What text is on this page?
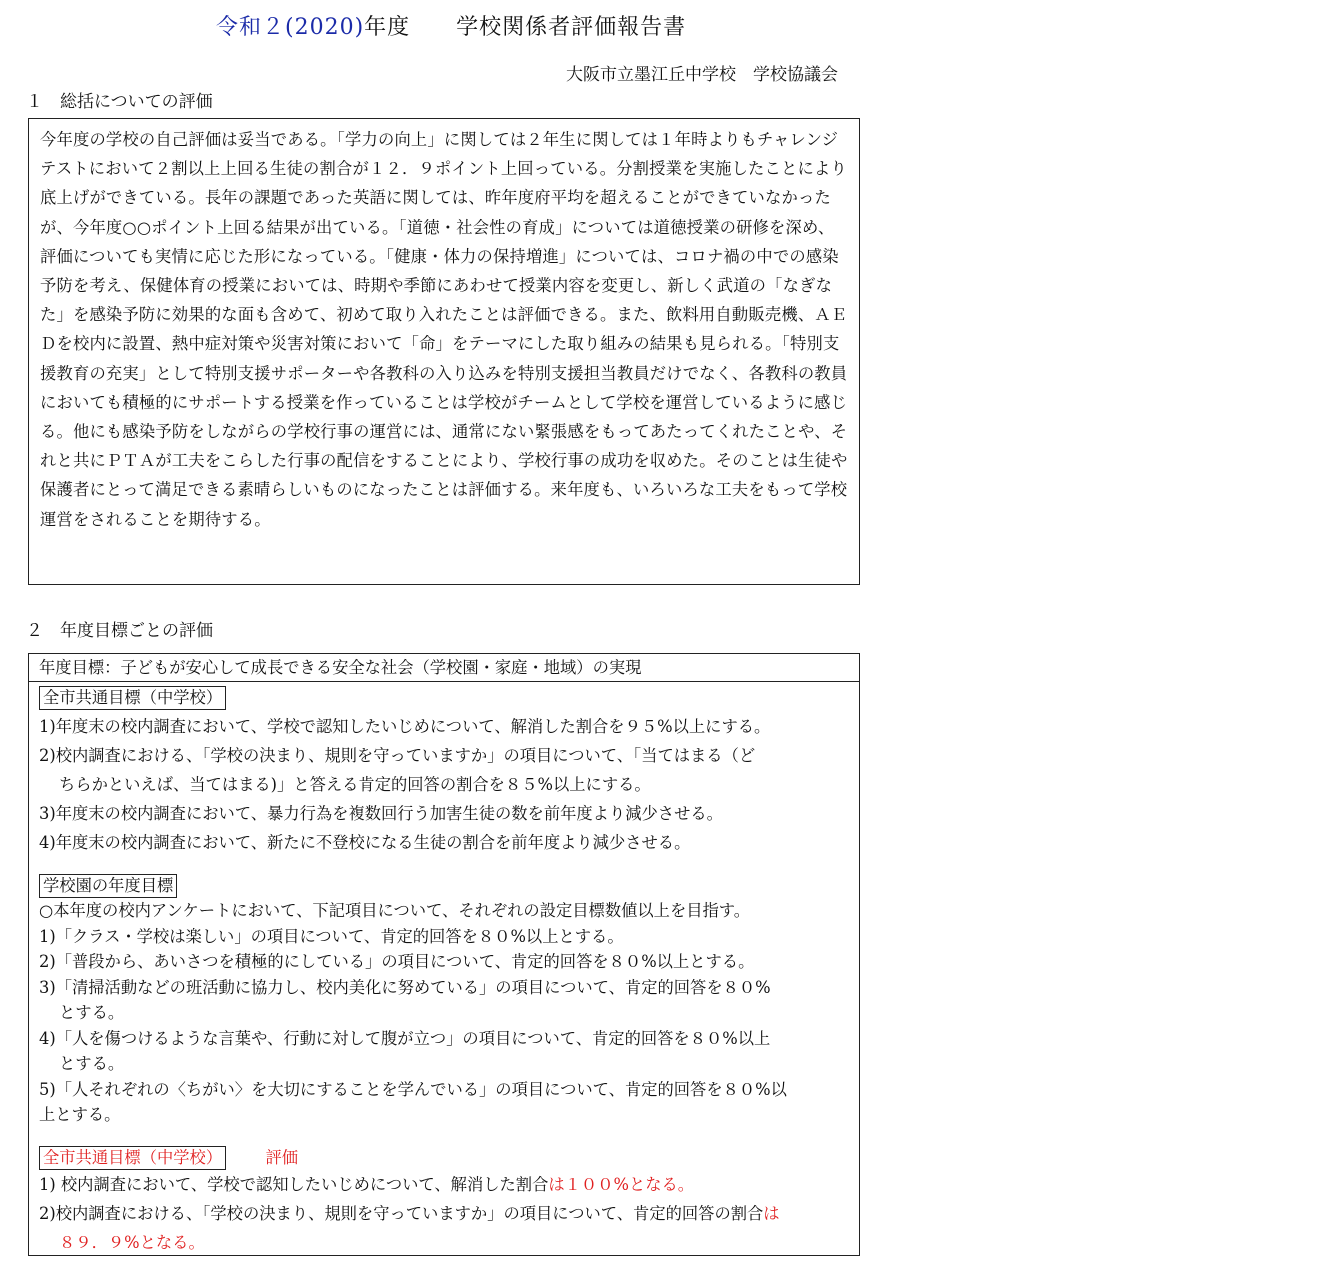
令和２(2020)年度 学校関係者評価報告書
大阪市立墨江丘中学校　学校協議会
１　総括についての評価

今年度の学校の自己評価は妥当である。「学力の向上」に関しては２年生に関しては１年時よりもチャレンジテストにおいて２割以上上回る生徒の割合が１２．９ポイント上回っている。分割授業を実施したことにより底上げができている。長年の課題であった英語に関しては、昨年度府平均を超えることができていなかったが、今年度○○ポイント上回る結果が出ている。「道徳・社会性の育成」については道徳授業の研修を深め、評価についても実情に応じた形になっている。「健康・体力の保持増進」については、コロナ禍の中での感染予防を考え、保健体育の授業においては、時期や季節にあわせて授業内容を変更し、新しく武道の「なぎなた」を感染予防に効果的な面も含めて、初めて取り入れたことは評価できる。また、飲料用自動販売機、ＡＥＤを校内に設置、熱中症対策や災害対策において「命」をテーマにした取り組みの結果も見られる。「特別支援教育の充実」として特別支援サポーターや各教科の入り込みを特別支援担当教員だけでなく、各教科の教員においても積極的にサポートする授業を作っていることは学校がチームとして学校を運営しているように感じる。他にも感染予防をしながらの学校行事の運営には、通常にない緊張感をもってあたってくれたことや、それと共にＰＴＡが工夫をこらした行事の配信をすることにより、学校行事の成功を収めた。そのことは生徒や保護者にとって満足できる素晴らしいものになったことは評価する。来年度も、いろいろな工夫をもって学校運営をされることを期待する。

２　年度目標ごとの評価
年度目標：子どもが安心して成長できる安全な社会（学校園・家庭・地域）の実現
全市共通目標（中学校）
1)年度末の校内調査において、学校で認知したいじめについて、解消した割合を９５%以上にする。
2)校内調査における、「学校の決まり、規則を守っていますか」の項目について、「当てはまる（ど
ちらかといえば、当てはまる)」と答える肯定的回答の割合を８５%以上にする。
3)年度末の校内調査において、暴力行為を複数回行う加害生徒の数を前年度より減少させる。
4)年度末の校内調査において、新たに不登校になる生徒の割合を前年度より減少させる。
学校園の年度目標
○本年度の校内アンケートにおいて、下記項目について、それぞれの設定目標数値以上を目指す。
1)「クラス・学校は楽しい」の項目について、肯定的回答を８０%以上とする。
2)「普段から、あいさつを積極的にしている」の項目について、肯定的回答を８０%以上とする。
3)「清掃活動などの班活動に協力し、校内美化に努めている」の項目について、肯定的回答を８０%
とする。
4)「人を傷つけるような言葉や、行動に対して腹が立つ」の項目について、肯定的回答を８０%以上
とする。
5)「人それぞれの〈ちがい〉を大切にすることを学んでいる」の項目について、肯定的回答を８０%以
上とする。
全市共通目標（中学校）	評価
1) 校内調査において、学校で認知したいじめについて、解消した割合は１００%となる。
2)校内調査における、「学校の決まり、規則を守っていますか」の項目について、肯定的回答の割合は
８９．９%となる。
